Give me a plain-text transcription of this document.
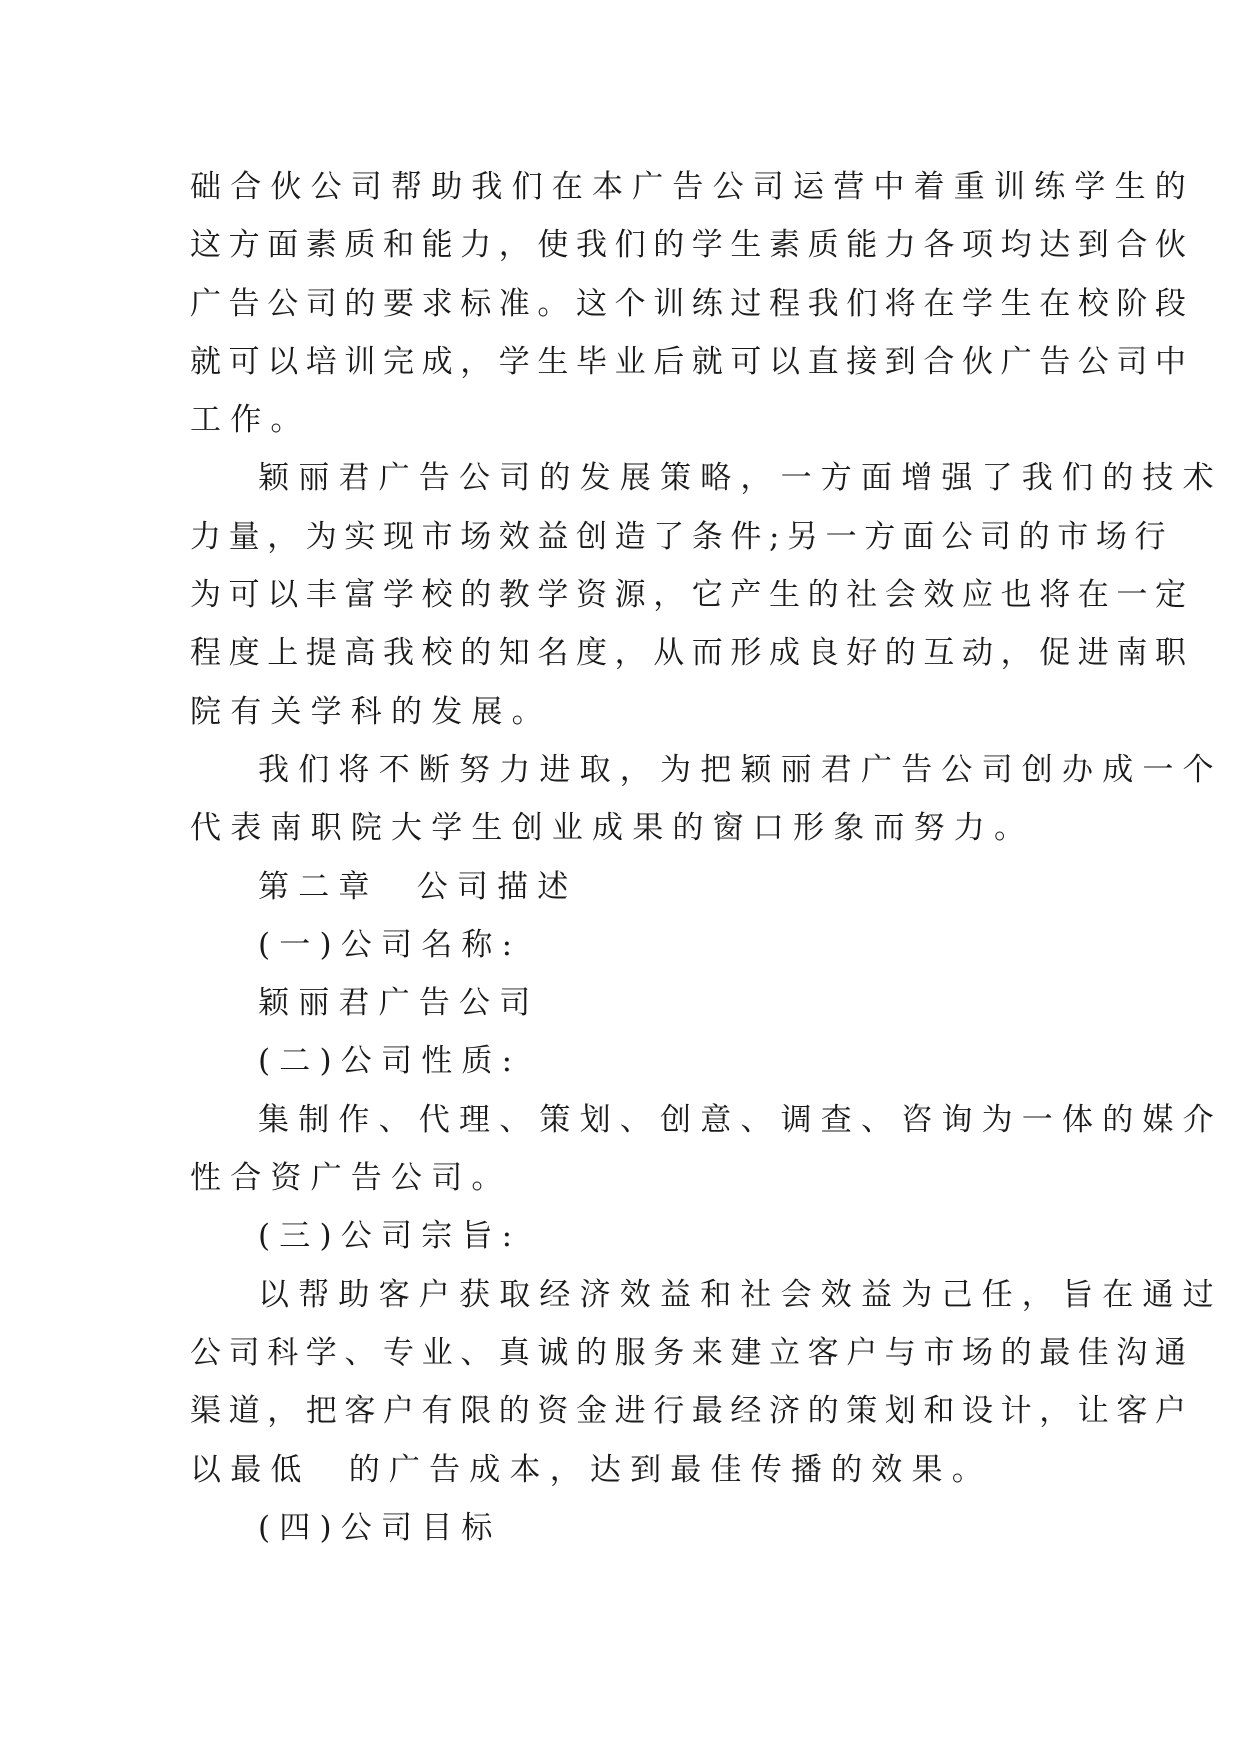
础合伙公司帮助我们在本广告公司运营中着重训练学生的
这方面素质和能力，使我们的学生素质能力各项均达到合伙
广告公司的要求标准。这个训练过程我们将在学生在校阶段
就可以培训完成，学生毕业后就可以直接到合伙广告公司中
工作。
颖丽君广告公司的发展策略，一方面增强了我们的技术
力量，为实现市场效益创造了条件;另一方面公司的市场行
为可以丰富学校的教学资源，它产生的社会效应也将在一定
程度上提高我校的知名度，从而形成良好的互动，促进南职
院有关学科的发展。
我们将不断努力进取，为把颖丽君广告公司创办成一个
代表南职院大学生创业成果的窗口形象而努力。
第二章  公司描述
(一)公司名称:
颖丽君广告公司
(二)公司性质:
集制作、代理、策划、创意、调查、咨询为一体的媒介
性合资广告公司。
(三)公司宗旨:
以帮助客户获取经济效益和社会效益为己任，旨在通过
公司科学、专业、真诚的服务来建立客户与市场的最佳沟通
渠道，把客户有限的资金进行最经济的策划和设计，让客户
以最低  的广告成本，达到最佳传播的效果。
(四)公司目标
